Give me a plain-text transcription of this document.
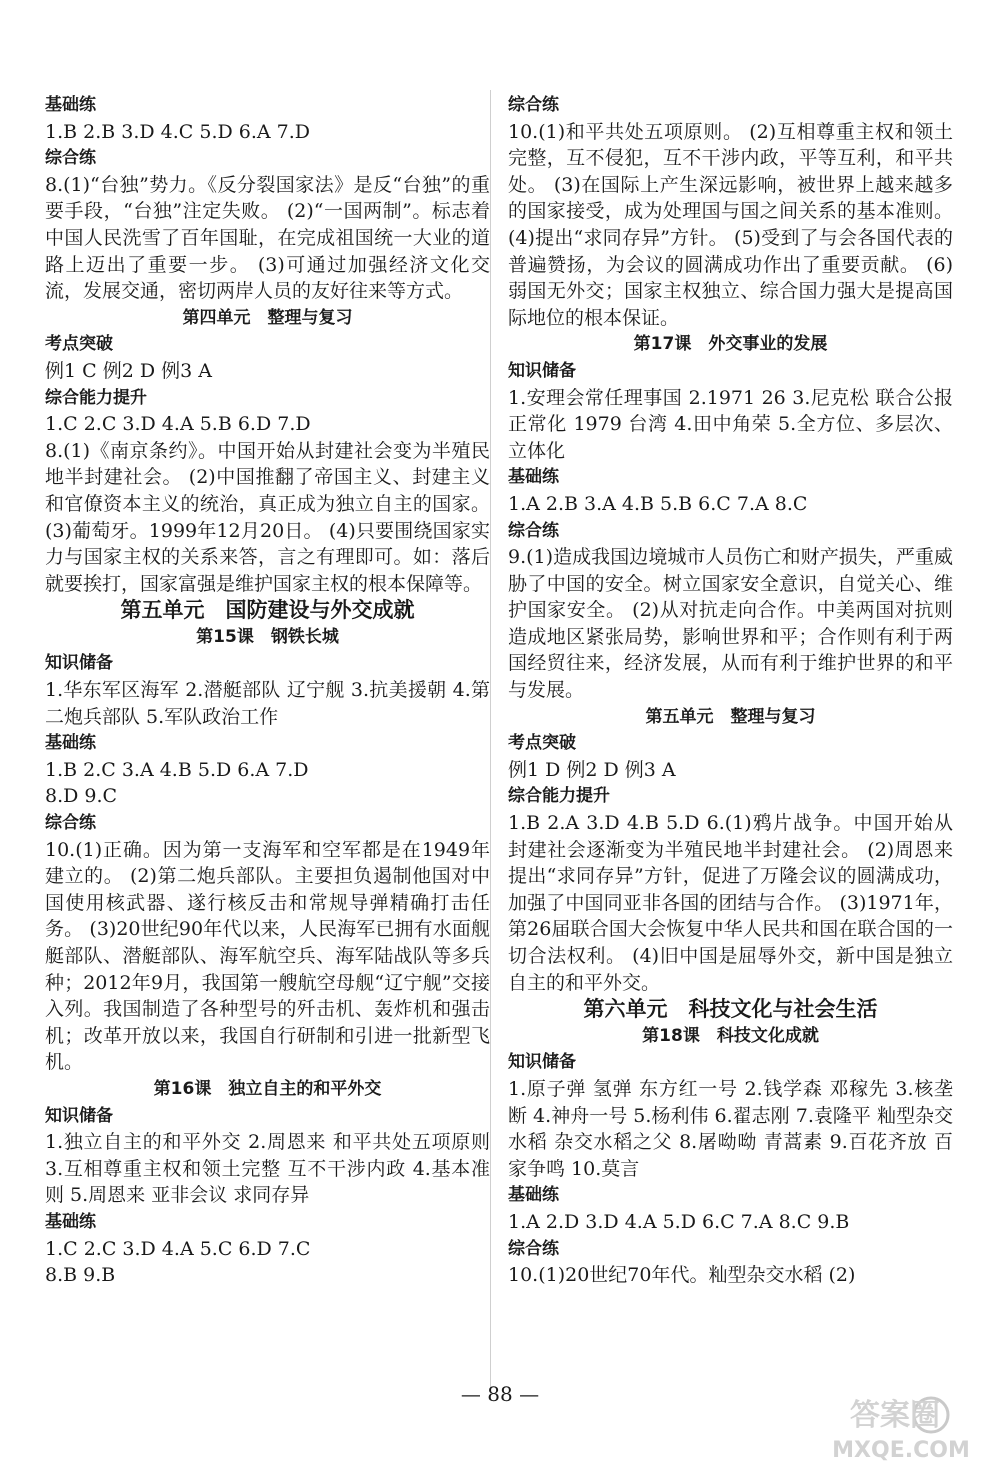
基础练
1.B 2.B 3.D 4.C 5.D 6.A 7.D
综合练
8.(1)“台独”势力。《反分裂国家法》是反“台独”的重要手段，“台独”注定失败。 (2)“一国两制”。标志着中国人民洗雪了百年国耻，在完成祖国统一大业的道路上迈出了重要一步。 (3)可通过加强经济文化交流，发展交通，密切两岸人员的友好往来等方式。
第四单元　整理与复习
考点突破
例1 C 例2 D 例3 A
综合能力提升
1.C 2.C 3.D 4.A 5.B 6.D 7.D
8.(1)《南京条约》。中国开始从封建社会变为半殖民地半封建社会。 (2)中国推翻了帝国主义、封建主义和官僚资本主义的统治，真正成为独立自主的国家。 (3)葡萄牙。1999年12月20日。 (4)只要围绕国家实力与国家主权的关系来答，言之有理即可。如：落后就要挨打，国家富强是维护国家主权的根本保障等。
第五单元　国防建设与外交成就
第15课　钢铁长城
知识储备
1.华东军区海军 2.潜艇部队 辽宁舰 3.抗美援朝 4.第二炮兵部队 5.军队政治工作
基础练
1.B 2.C 3.A 4.B 5.D 6.A 7.D
8.D 9.C
综合练
10.(1)正确。因为第一支海军和空军都是在1949年建立的。 (2)第二炮兵部队。主要担负遏制他国对中国使用核武器、遂行核反击和常规导弹精确打击任务。 (3)20世纪90年代以来，人民海军已拥有水面舰艇部队、潜艇部队、海军航空兵、海军陆战队等多兵种；2012年9月，我国第一艘航空母舰“辽宁舰”交接入列。我国制造了各种型号的歼击机、轰炸机和强击机；改革开放以来，我国自行研制和引进一批新型飞机。
第16课　独立自主的和平外交
知识储备
1.独立自主的和平外交 2.周恩来 和平共处五项原则 3.互相尊重主权和领土完整 互不干涉内政 4.基本准则 5.周恩来 亚非会议 求同存异
基础练
1.C 2.C 3.D 4.A 5.C 6.D 7.C
8.B 9.B
综合练
10.(1)和平共处五项原则。 (2)互相尊重主权和领土完整，互不侵犯，互不干涉内政，平等互利，和平共处。 (3)在国际上产生深远影响，被世界上越来越多的国家接受，成为处理国与国之间关系的基本准则。 (4)提出“求同存异”方针。 (5)受到了与会各国代表的普遍赞扬，为会议的圆满成功作出了重要贡献。 (6)弱国无外交；国家主权独立、综合国力强大是提高国际地位的根本保证。
第17课　外交事业的发展
知识储备
1.安理会常任理事国 2.1971 26 3.尼克松 联合公报 正常化 1979 台湾 4.田中角荣 5.全方位、多层次、立体化
基础练
1.A 2.B 3.A 4.B 5.B 6.C 7.A 8.C
综合练
9.(1)造成我国边境城市人员伤亡和财产损失，严重威胁了中国的安全。树立国家安全意识，自觉关心、维护国家安全。 (2)从对抗走向合作。中美两国对抗则造成地区紧张局势，影响世界和平；合作则有利于两国经贸往来，经济发展，从而有利于维护世界的和平与发展。
第五单元　整理与复习
考点突破
例1 D 例2 D 例3 A
综合能力提升
1.B 2.A 3.D 4.B 5.D 6.(1)鸦片战争。中国开始从封建社会逐渐变为半殖民地半封建社会。 (2)周恩来提出“求同存异”方针，促进了万隆会议的圆满成功，加强了中国同亚非各国的团结与合作。 (3)1971年，第26届联合国大会恢复中华人民共和国在联合国的一切合法权利。 (4)旧中国是屈辱外交，新中国是独立自主的和平外交。
第六单元　科技文化与社会生活
第18课　科技文化成就
知识储备
1.原子弹 氢弹 东方红一号 2.钱学森 邓稼先 3.核垄断 4.神舟一号 5.杨利伟 6.翟志刚 7.袁隆平 籼型杂交水稻 杂交水稻之父 8.屠呦呦 青蒿素 9.百花齐放 百家争鸣 10.莫言
基础练
1.A 2.D 3.D 4.A 5.D 6.C 7.A 8.C 9.B
综合练
10.(1)20世纪70年代。籼型杂交水稻 (2)
— 88 —
答案圈
MXQE.COM
